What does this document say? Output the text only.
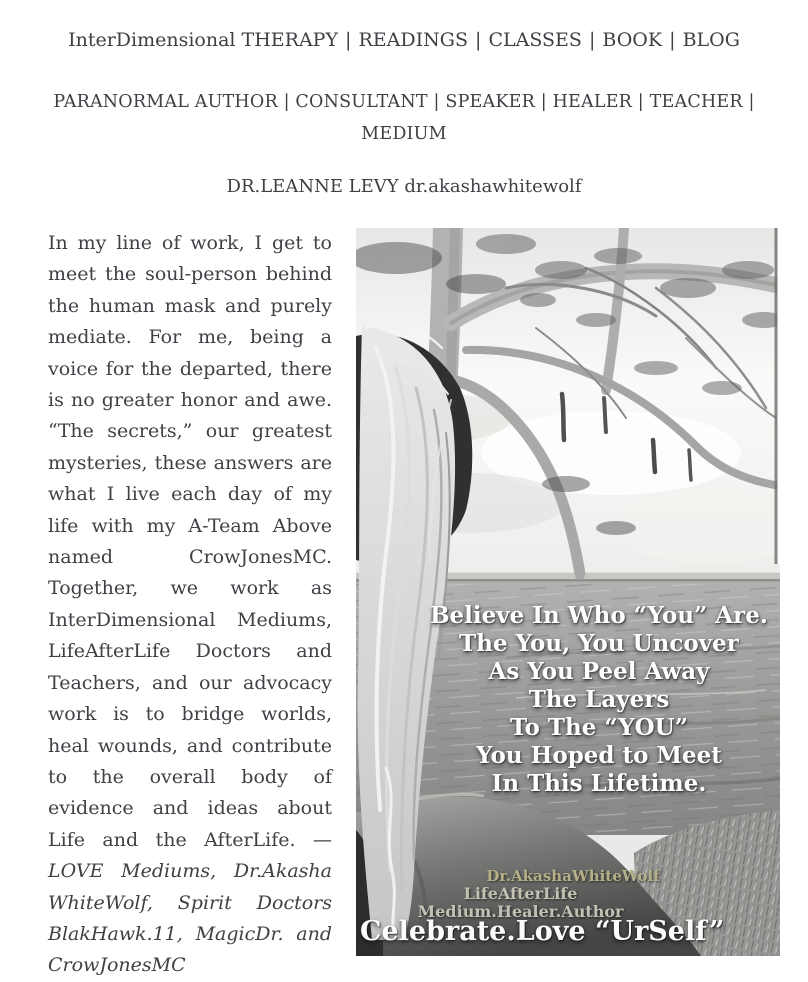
InterDimensional THERAPY | READINGS | CLASSES | BOOK | BLOG
PARANORMAL AUTHOR | CONSULTANT | SPEAKER | HEALER | TEACHER |
MEDIUM
DR.LEANNE LEVY dr.akashawhitewolf

In my line of work, I get to meet the soul-person behind the human mask and purely mediate. For me, being a voice for the departed, there is no greater honor and awe. “The secrets,” our greatest mysteries, these answers are what I live each day of my life with my A-Team Above named CrowJonesMC. Together, we work as InterDimensional Mediums, LifeAfterLife Doctors and Teachers, and our advocacy work is to bridge worlds, heal wounds, and contribute to the overall body of evidence and ideas about Life and the AfterLife. —LOVE Mediums, Dr.Akasha WhiteWolf, Spirit Doctors BlakHawk.11, MagicDr. and CrowJonesMC

Believe In Who “You” Are.
The You, You Uncover
As You Peel Away
The Layers
To The “YOU”
You Hoped to Meet
In This Lifetime.
Dr.AkashaWhiteWolf
LifeAfterLife Medium.Healer.Author
Celebrate.Love “UrSelf”
